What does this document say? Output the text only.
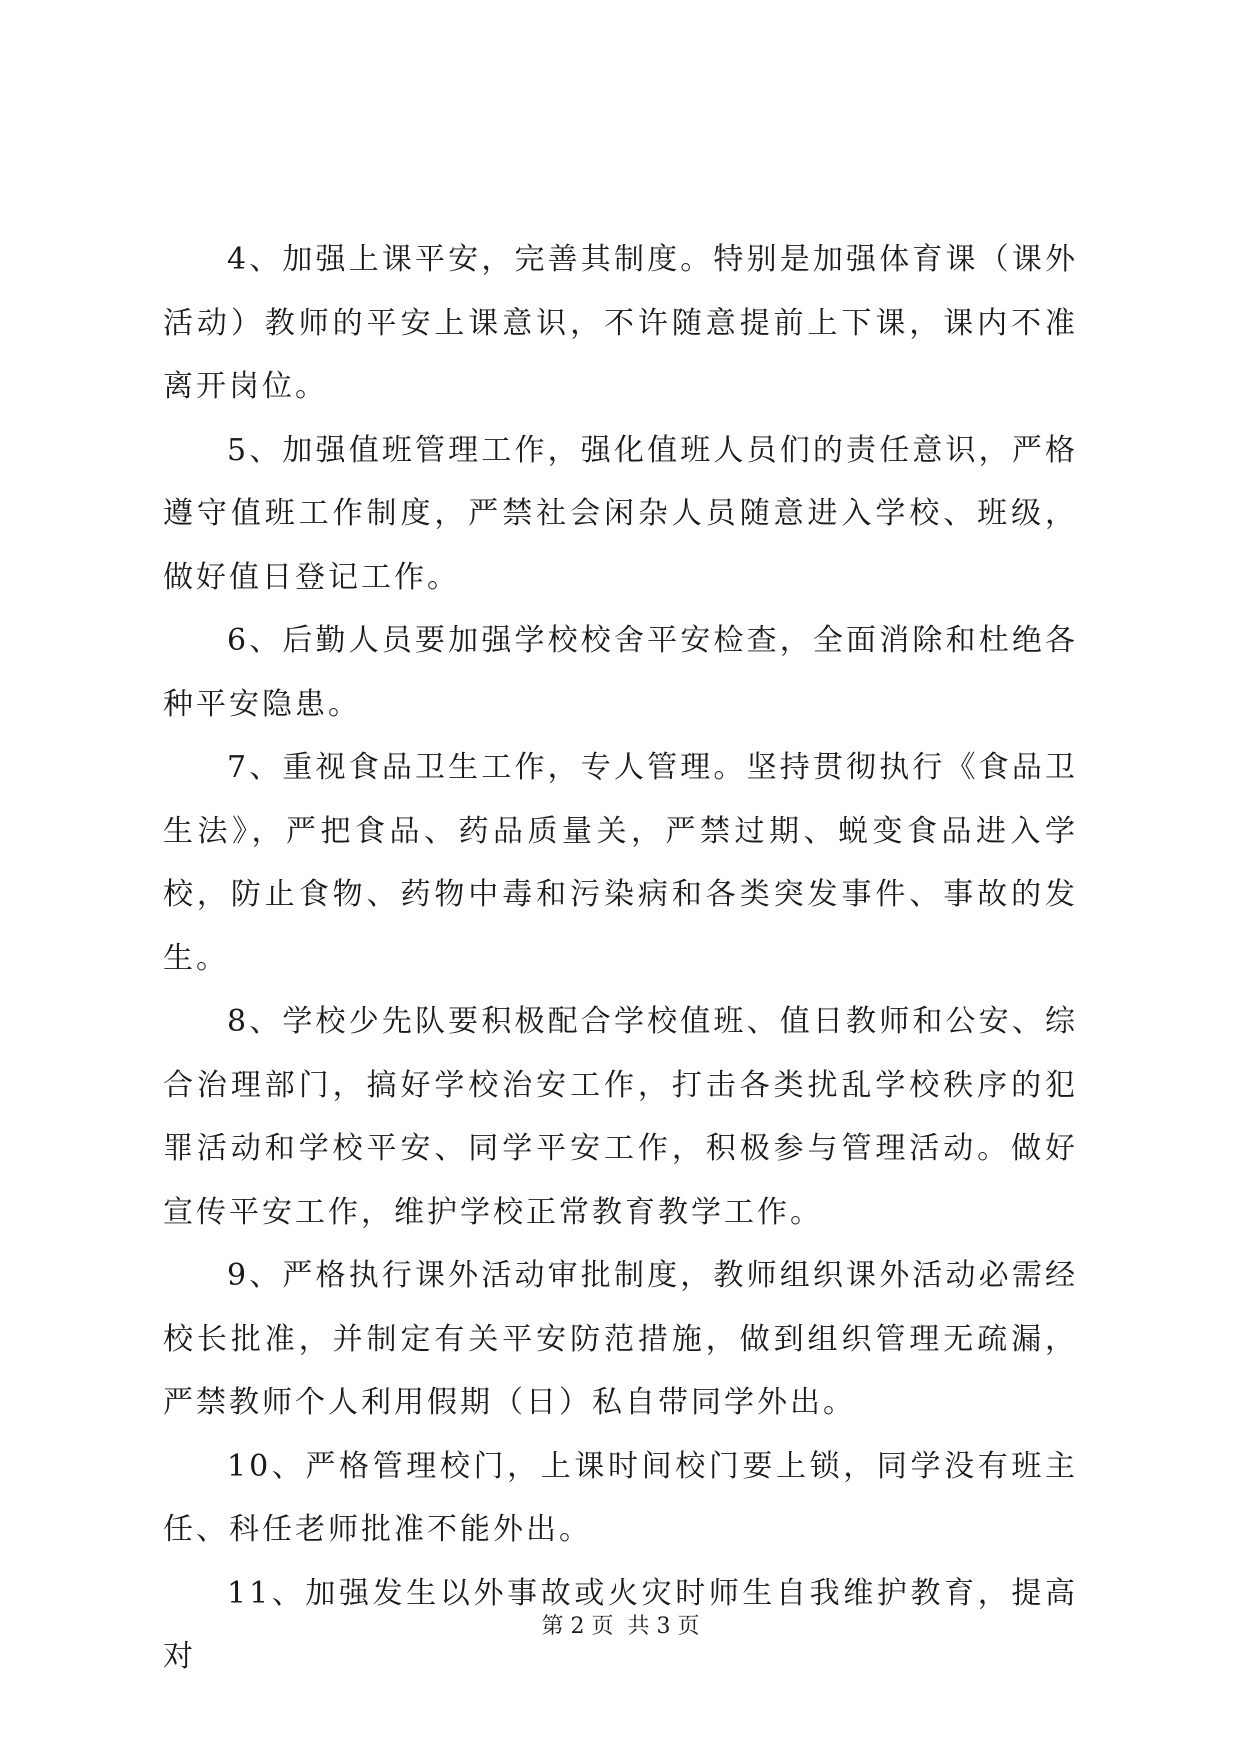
4、加强上课平安，完善其制度。特别是加强体育课（课外活动）教师的平安上课意识，不许随意提前上下课，课内不准离开岗位。

5、加强值班管理工作，强化值班人员们的责任意识，严格遵守值班工作制度，严禁社会闲杂人员随意进入学校、班级，做好值日登记工作。

6、后勤人员要加强学校校舍平安检查，全面消除和杜绝各种平安隐患。

7、重视食品卫生工作，专人管理。坚持贯彻执行《食品卫生法》，严把食品、药品质量关，严禁过期、蜕变食品进入学校，防止食物、药物中毒和污染病和各类突发事件、事故的发生。

8、学校少先队要积极配合学校值班、值日教师和公安、综合治理部门，搞好学校治安工作，打击各类扰乱学校秩序的犯罪活动和学校平安、同学平安工作，积极参与管理活动。做好宣传平安工作，维护学校正常教育教学工作。

9、严格执行课外活动审批制度，教师组织课外活动必需经校长批准，并制定有关平安防范措施，做到组织管理无疏漏，严禁教师个人利用假期（日）私自带同学外出。

10、严格管理校门，上课时间校门要上锁，同学没有班主任、科任老师批准不能外出。

11、加强发生以外事故或火灾时师生自我维护教育，提高对

第 2 页  共 3 页
